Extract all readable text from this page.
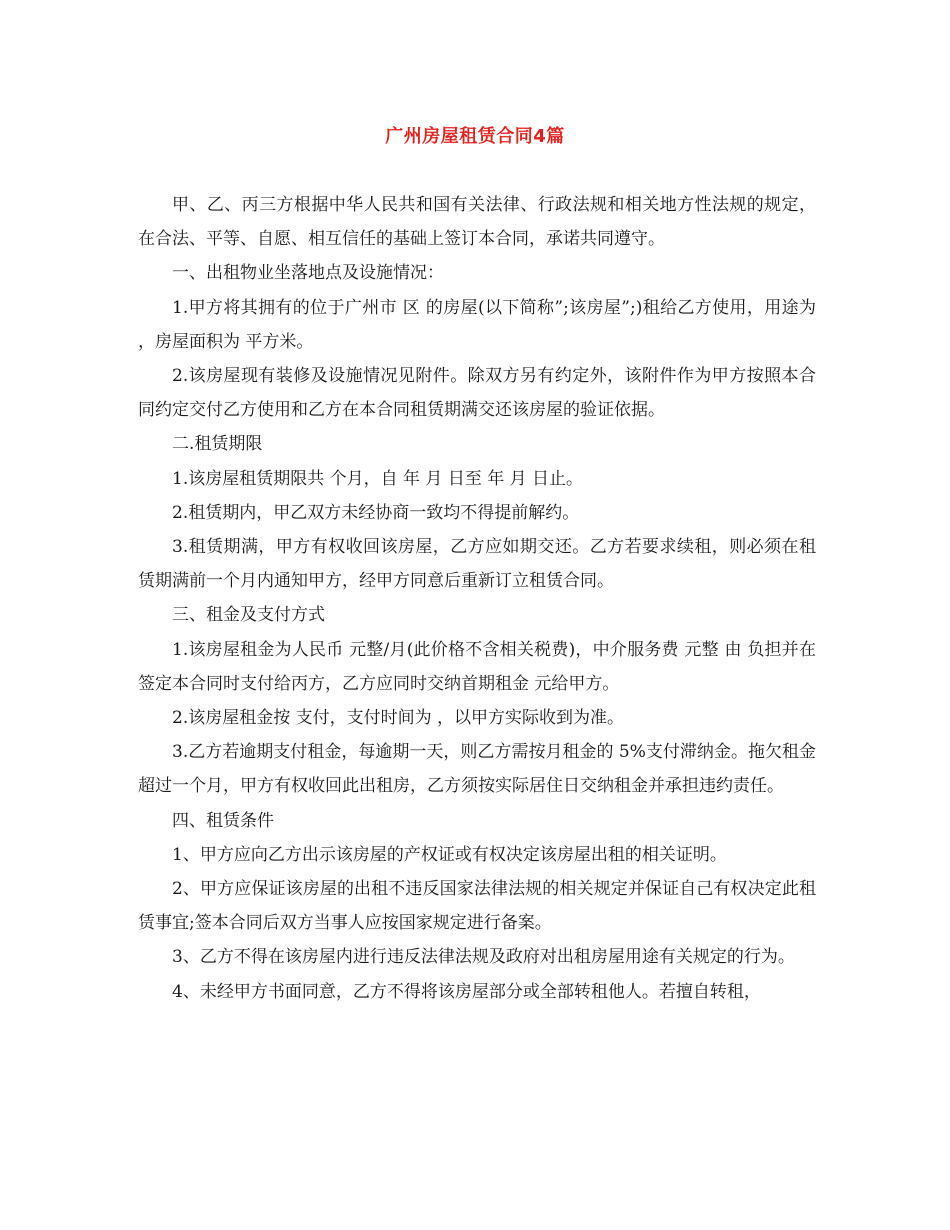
广州房屋租赁合同4篇

甲、乙、丙三方根据中华人民共和国有关法律、行政法规和相关地方性法规的规定，在合法、平等、自愿、相互信任的基础上签订本合同，承诺共同遵守。

一、出租物业坐落地点及设施情况：

1.甲方将其拥有的位于广州市 区 的房屋(以下简称”;该房屋”;)租给乙方使用，用途为 ，房屋面积为 平方米。

2.该房屋现有装修及设施情况见附件。除双方另有约定外，该附件作为甲方按照本合同约定交付乙方使用和乙方在本合同租赁期满交还该房屋的验证依据。

二.租赁期限

1.该房屋租赁期限共 个月，自 年 月 日至 年 月 日止。

2.租赁期内，甲乙双方未经协商一致均不得提前解约。

3.租赁期满，甲方有权收回该房屋，乙方应如期交还。乙方若要求续租，则必须在租赁期满前一个月内通知甲方，经甲方同意后重新订立租赁合同。

三、租金及支付方式

1.该房屋租金为人民币 元整/月(此价格不含相关税费)，中介服务费 元整 由 负担并在签定本合同时支付给丙方，乙方应同时交纳首期租金 元给甲方。

2.该房屋租金按 支付，支付时间为 ，以甲方实际收到为准。

3.乙方若逾期支付租金，每逾期一天，则乙方需按月租金的 5%支付滞纳金。拖欠租金超过一个月，甲方有权收回此出租房，乙方须按实际居住日交纳租金并承担违约责任。

四、租赁条件

1、甲方应向乙方出示该房屋的产权证或有权决定该房屋出租的相关证明。

2、甲方应保证该房屋的出租不违反国家法律法规的相关规定并保证自己有权决定此租赁事宜;签本合同后双方当事人应按国家规定进行备案。

3、乙方不得在该房屋内进行违反法律法规及政府对出租房屋用途有关规定的行为。

4、未经甲方书面同意，乙方不得将该房屋部分或全部转租他人。若擅自转租，
